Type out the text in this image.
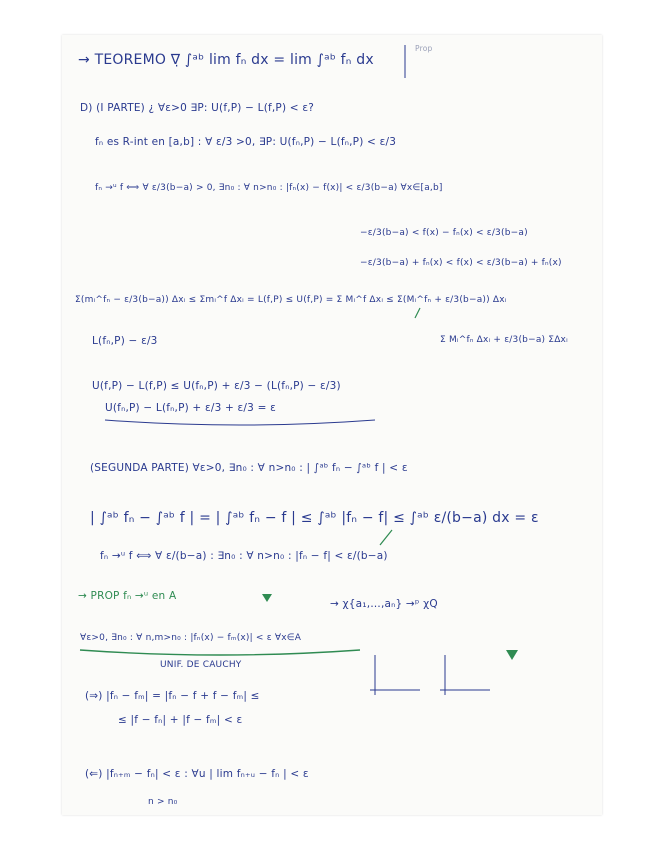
→ TEOREMO ∇̣ ∫ᵃᵇ lim fₙ dx = lim ∫ᵃᵇ fₙ dx
Prop
D) (I PARTE) ¿ ∀ε>0 ∃P: U(f,P) − L(f,P) < ε?
fₙ es R-int en [a,b] : ∀ ε/3 >0, ∃P: U(fₙ,P) − L(fₙ,P) < ε/3
fₙ →ᵘ f ⟺ ∀ ε/3(b−a) > 0, ∃n₀ : ∀ n>n₀ : |fₙ(x) − f(x)| < ε/3(b−a) ∀x∈[a,b]
−ε/3(b−a) < f(x) − fₙ(x) < ε/3(b−a)
−ε/3(b−a) + fₙ(x) < f(x) < ε/3(b−a) + fₙ(x)
Σ(mᵢ^fₙ − ε/3(b−a)) Δxᵢ ≤ Σmᵢ^f Δxᵢ = L(f,P) ≤ U(f,P) = Σ Mᵢ^f Δxᵢ ≤ Σ(Mᵢ^fₙ + ε/3(b−a)) Δxᵢ
L(fₙ,P) − ε/3	Σ Mᵢ^fₙ Δxᵢ + ε/3(b−a) ΣΔxᵢ
U(f,P) − L(f,P) ≤ U(fₙ,P) + ε/3 − (L(fₙ,P) − ε/3)
U(fₙ,P) − L(fₙ,P) + ε/3 + ε/3 = ε
(SEGUNDA PARTE) ∀ε>0, ∃n₀ : ∀ n>n₀ : | ∫ᵃᵇ fₙ − ∫ᵃᵇ f | < ε
| ∫ᵃᵇ fₙ − ∫ᵃᵇ f | = | ∫ᵃᵇ fₙ − f | ≤ ∫ᵃᵇ |fₙ − f| ≤ ∫ᵃᵇ ε/(b−a) dx = ε
fₙ →ᵘ f ⟺ ∀ ε/(b−a) : ∃n₀ : ∀ n>n₀ : |fₙ − f| < ε/(b−a)
→ PROP fₙ →ᵘ en A
→ χ{a₁,…,aₙ} →ᵖ χQ
∀ε>0, ∃n₀ : ∀ n,m>n₀ : |fₙ(x) − fₘ(x)| < ε ∀x∈A
UNIF. DE CAUCHY
(⇒) |fₙ − fₘ| = |fₙ − f + f − fₘ| ≤
≤ |f − fₙ| + |f − fₘ| < ε
(⇐) |fₙ₊ₘ − fₙ| < ε : ∀u | lim fₙ₊ᵤ − fₙ | < ε
n > n₀
